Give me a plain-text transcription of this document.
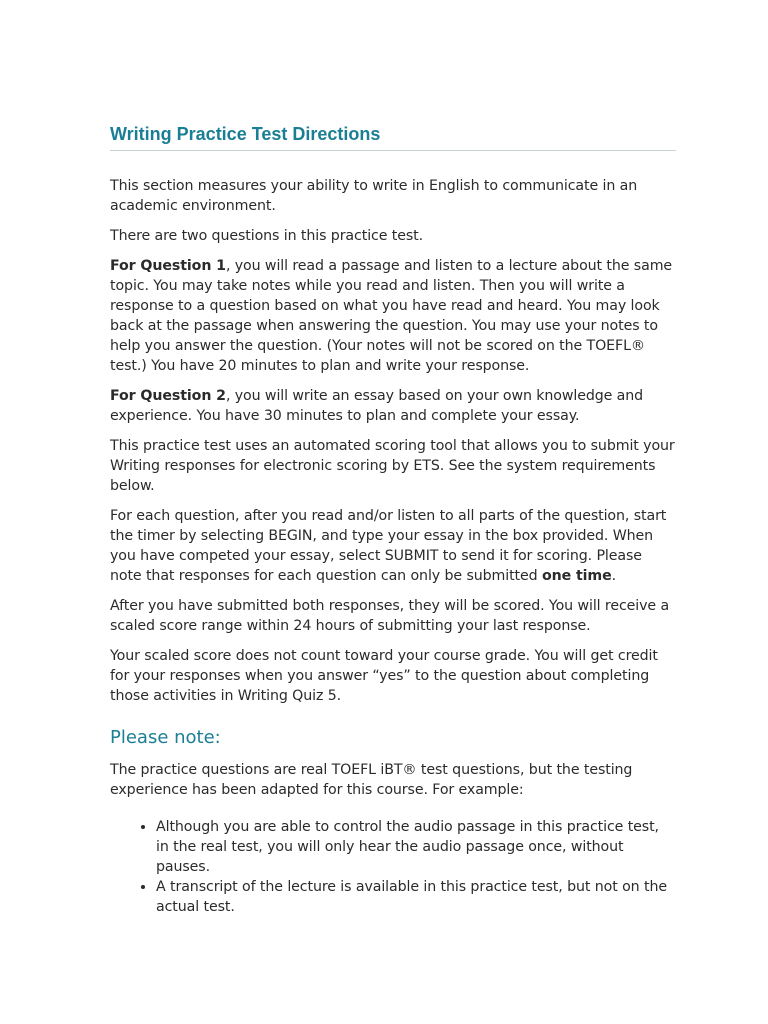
Writing Practice Test Directions

This section measures your ability to write in English to communicate in an academic environment.

There are two questions in this practice test.

For Question 1, you will read a passage and listen to a lecture about the same topic. You may take notes while you read and listen. Then you will write a response to a question based on what you have read and heard. You may look back at the passage when answering the question. You may use your notes to help you answer the question. (Your notes will not be scored on the TOEFL® test.) You have 20 minutes to plan and write your response.

For Question 2, you will write an essay based on your own knowledge and experience. You have 30 minutes to plan and complete your essay.

This practice test uses an automated scoring tool that allows you to submit your Writing responses for electronic scoring by ETS. See the system requirements below.

For each question, after you read and/or listen to all parts of the question, start the timer by selecting BEGIN, and type your essay in the box provided. When you have competed your essay, select SUBMIT to send it for scoring. Please note that responses for each question can only be submitted one time.

After you have submitted both responses, they will be scored. You will receive a scaled score range within 24 hours of submitting your last response.

Your scaled score does not count toward your course grade. You will get credit for your responses when you answer “yes” to the question about completing those activities in Writing Quiz 5.

Please note:

The practice questions are real TOEFL iBT® test questions, but the testing experience has been adapted for this course. For example:

• Although you are able to control the audio passage in this practice test, in the real test, you will only hear the audio passage once, without pauses.
• A transcript of the lecture is available in this practice test, but not on the actual test.
